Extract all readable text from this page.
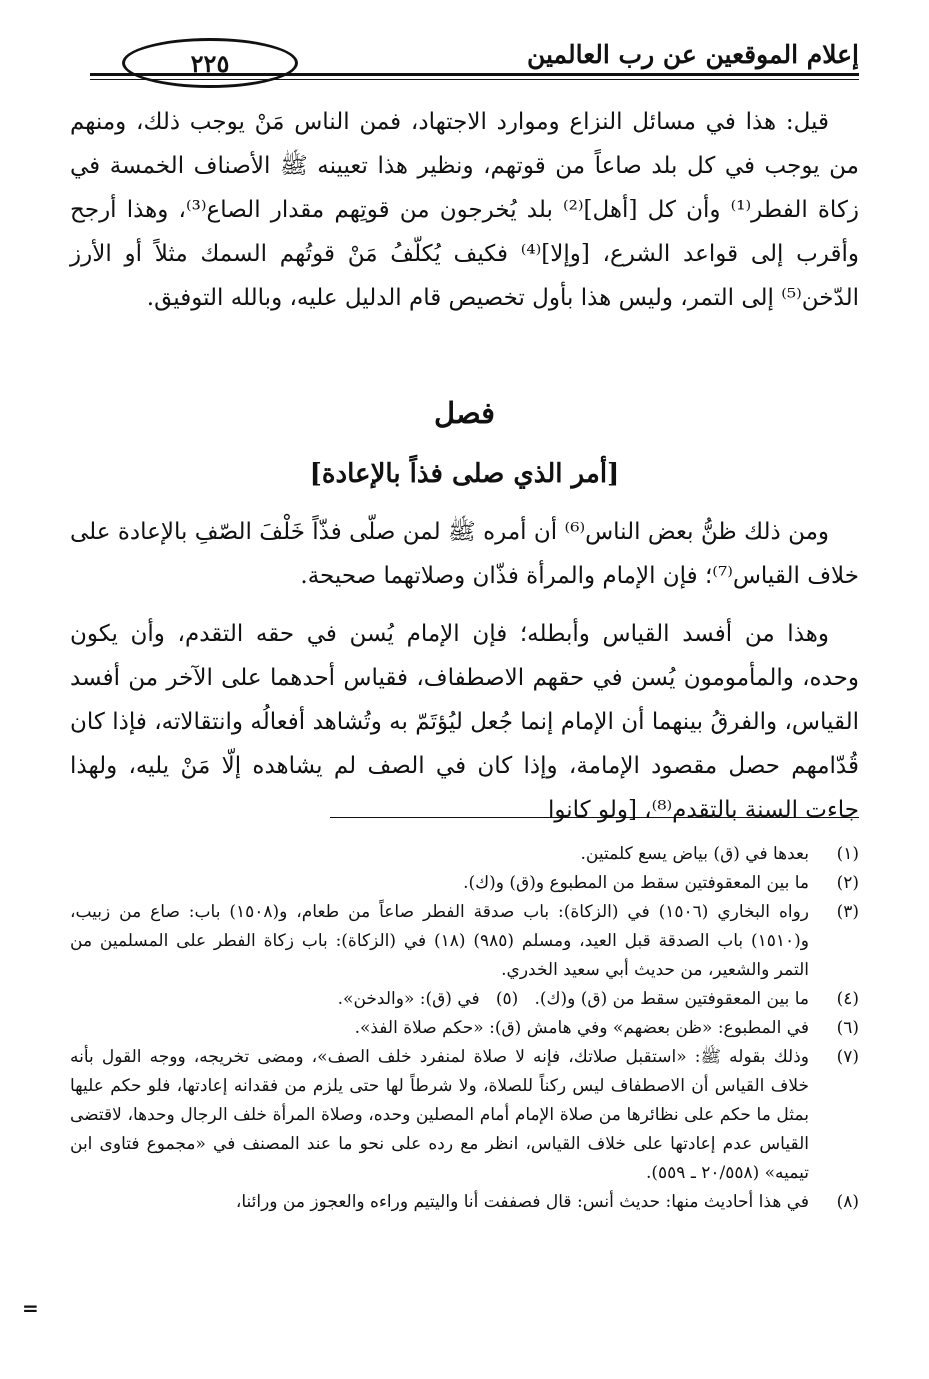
إعلام الموقعين عن رب العالمين
٢٢٥

قيل: هذا في مسائل النزاع وموارد الاجتهاد، فمن الناس مَنْ يوجب ذلك، ومنهم من يوجب في كل بلد صاعاً من قوتهم، ونظير هذا تعيينه ﷺ الأصناف الخمسة في زكاة الفطر⁽¹⁾ وأن كل [أهل]⁽²⁾ بلد يُخرجون من قوتِهم مقدار الصاع⁽³⁾، وهذا أرجح وأقرب إلى قواعد الشرع، [وإلا]⁽⁴⁾ فكيف يُكلّفُ مَنْ قوتُهم السمك مثلاً أو الأرز الدّخن⁽⁵⁾ إلى التمر، وليس هذا بأول تخصيص قام الدليل عليه، وبالله التوفيق.

فصل
[أمر الذي صلى فذاً بالإعادة]

ومن ذلك ظنُّ بعض الناس⁽⁶⁾ أن أمره ﷺ لمن صلّى فذّاً خَلْفَ الصّفِ بالإعادة على خلاف القياس⁽⁷⁾؛ فإن الإمام والمرأة فذّان وصلاتهما صحيحة.

وهذا من أفسد القياس وأبطله؛ فإن الإمام يُسن في حقه التقدم، وأن يكون وحده، والمأمومون يُسن في حقهم الاصطفاف، فقياس أحدهما على الآخر من أفسد القياس، والفرقُ بينهما أن الإمام إنما جُعل ليُؤتَمّ به وتُشاهد أفعالُه وانتقالاته، فإذا كان قُدّامهم حصل مقصود الإمامة، وإذا كان في الصف لم يشاهده إلّا مَنْ يليه، ولهذا جاءت السنة بالتقدم⁽⁸⁾، [ولو كانوا

(١)
بعدها في (ق) بياض يسع كلمتين.
(٢)
ما بين المعقوفتين سقط من المطبوع و(ق) و(ك).
(٣)
رواه البخاري (١٥٠٦) في (الزكاة): باب صدقة الفطر صاعاً من طعام، و(١٥٠٨) باب: صاع من زبيب، و(١٥١٠) باب الصدقة قبل العيد، ومسلم (٩٨٥) (١٨) في (الزكاة): باب زكاة الفطر على المسلمين من التمر والشعير، من حديث أبي سعيد الخدري.
(٤)
ما بين المعقوفتين سقط من (ق) و(ك).   (٥)   في (ق): «والدخن».
(٦)
في المطبوع: «ظن بعضهم» وفي هامش (ق): «حكم صلاة الفذ».
(٧)
وذلك بقوله ﷺ: «استقبل صلاتك، فإنه لا صلاة لمنفرد خلف الصف»، ومضى تخريجه، ووجه القول بأنه خلاف القياس أن الاصطفاف ليس ركناً للصلاة، ولا شرطاً لها حتى يلزم من فقدانه إعادتها، فلو حكم عليها بمثل ما حكم على نظائرها من صلاة الإمام أمام المصلين وحده، وصلاة المرأة خلف الرجال وحدها، لاقتضى القياس عدم إعادتها على خلاف القياس، انظر مع رده على نحو ما عند المصنف في «مجموع فتاوى ابن تيميه» (٢٠/٥٥٨ ـ ٥٥٩).
(٨)
في هذا أحاديث منها: حديث أنس: قال فصففت أنا واليتيم وراءه والعجوز من ورائنا،
=
